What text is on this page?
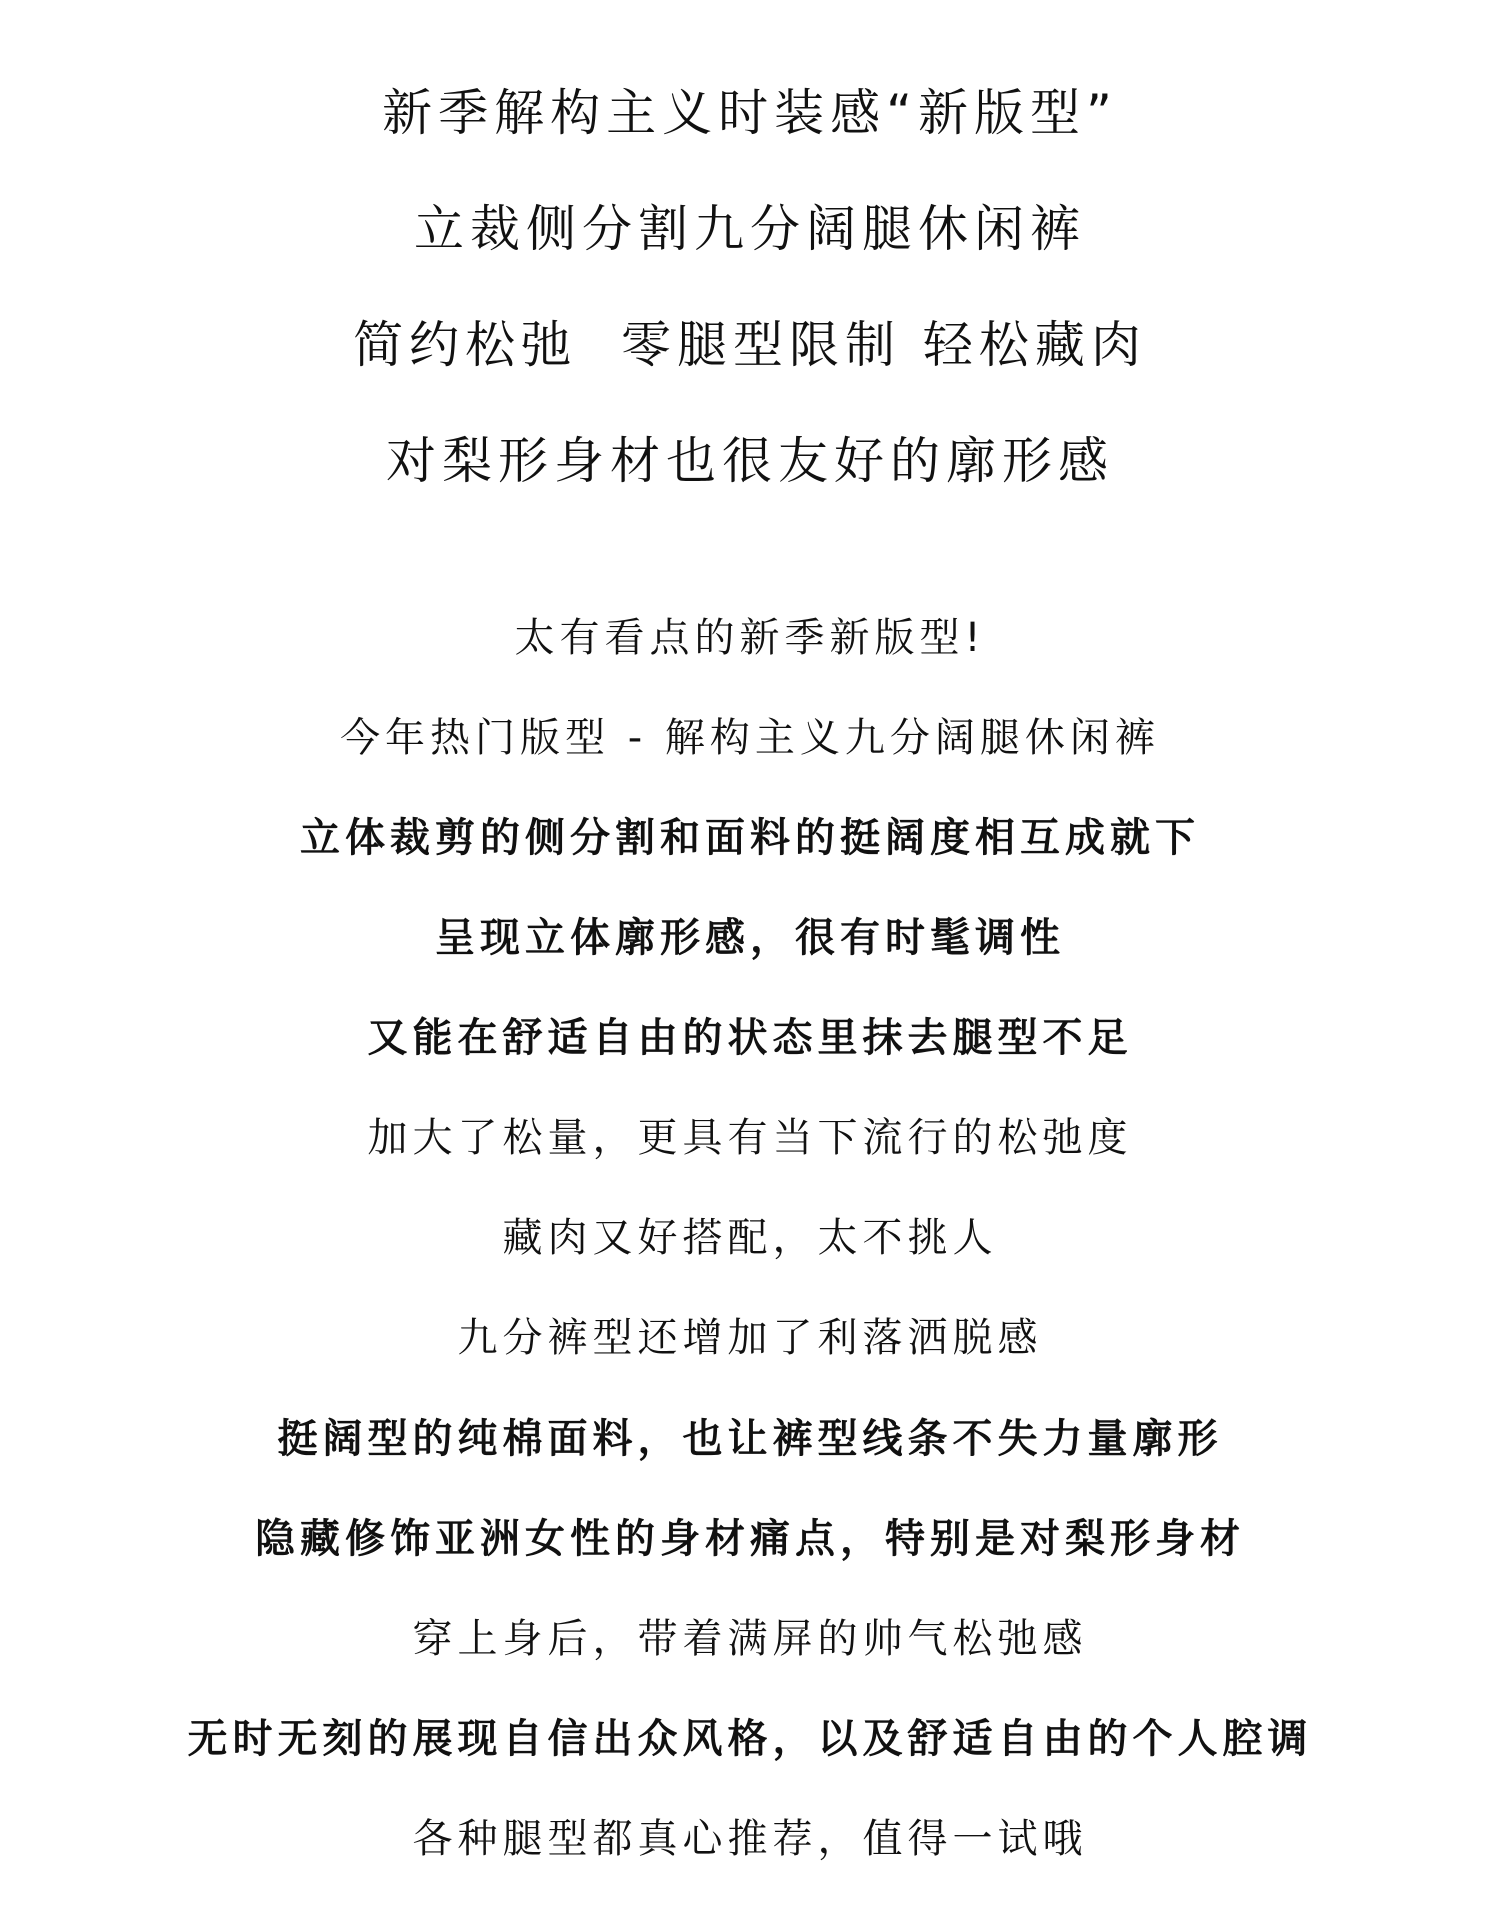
新季解构主义时装感“新版型”
立裁侧分割九分阔腿休闲裤
简约松弛  零腿型限制 轻松藏肉
对梨形身材也很友好的廓形感
太有看点的新季新版型!
今年热门版型 - 解构主义九分阔腿休闲裤
立体裁剪的侧分割和面料的挺阔度相互成就下
呈现立体廓形感，很有时髦调性
又能在舒适自由的状态里抹去腿型不足
加大了松量，更具有当下流行的松弛度
藏肉又好搭配，太不挑人
九分裤型还增加了利落洒脱感
挺阔型的纯棉面料，也让裤型线条不失力量廓形
隐藏修饰亚洲女性的身材痛点，特别是对梨形身材
穿上身后，带着满屏的帅气松弛感
无时无刻的展现自信出众风格，以及舒适自由的个人腔调
各种腿型都真心推荐，值得一试哦
